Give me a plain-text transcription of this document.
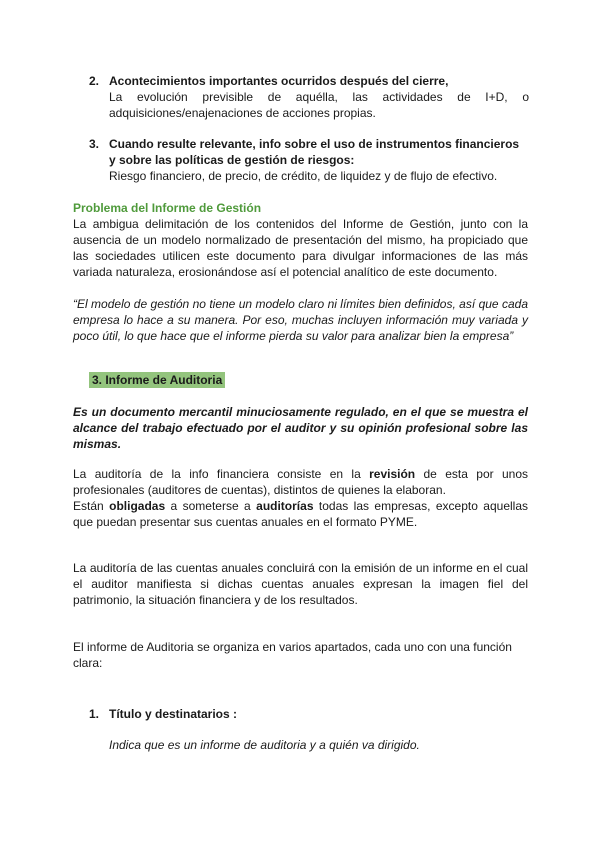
2. Acontecimientos importantes ocurridos después del cierre,
La evolución previsible de aquélla, las actividades de I+D, o
adquisiciones/enajenaciones de acciones propias.
3. Cuando resulte relevante, info sobre el uso de instrumentos financieros y sobre las políticas de gestión de riesgos:
Riesgo financiero, de precio, de crédito, de liquidez y de flujo de efectivo.
Problema del Informe de Gestión
La ambigua delimitación de los contenidos del Informe de Gestión, junto con la ausencia de un modelo normalizado de presentación del mismo, ha propiciado que las sociedades utilicen este documento para divulgar informaciones de las más variada naturaleza, erosionándose así el potencial analítico de este documento.
“El modelo de gestión no tiene un modelo claro ni límites bien definidos, así que cada empresa lo hace a su manera. Por eso, muchas incluyen información muy variada y poco útil, lo que hace que el informe pierda su valor para analizar bien la empresa”
3. Informe de Auditoria
Es un documento mercantil minuciosamente regulado, en el que se muestra el alcance del trabajo efectuado por el auditor y su opinión profesional sobre las mismas.
La auditoría de la info financiera consiste en la revisión de esta por unos profesionales (auditores de cuentas), distintos de quienes la elaboran.
Están obligadas a someterse a auditorías todas las empresas, excepto aquellas que puedan presentar sus cuentas anuales en el formato PYME.
La auditoría de las cuentas anuales concluirá con la emisión de un informe en el cual el auditor manifiesta si dichas cuentas anuales expresan la imagen fiel del patrimonio, la situación financiera y de los resultados.
El informe de Auditoria se organiza en varios apartados, cada uno con una función clara:
1. Título y destinatarios :
Indica que es un informe de auditoria y a quién va dirigido.
